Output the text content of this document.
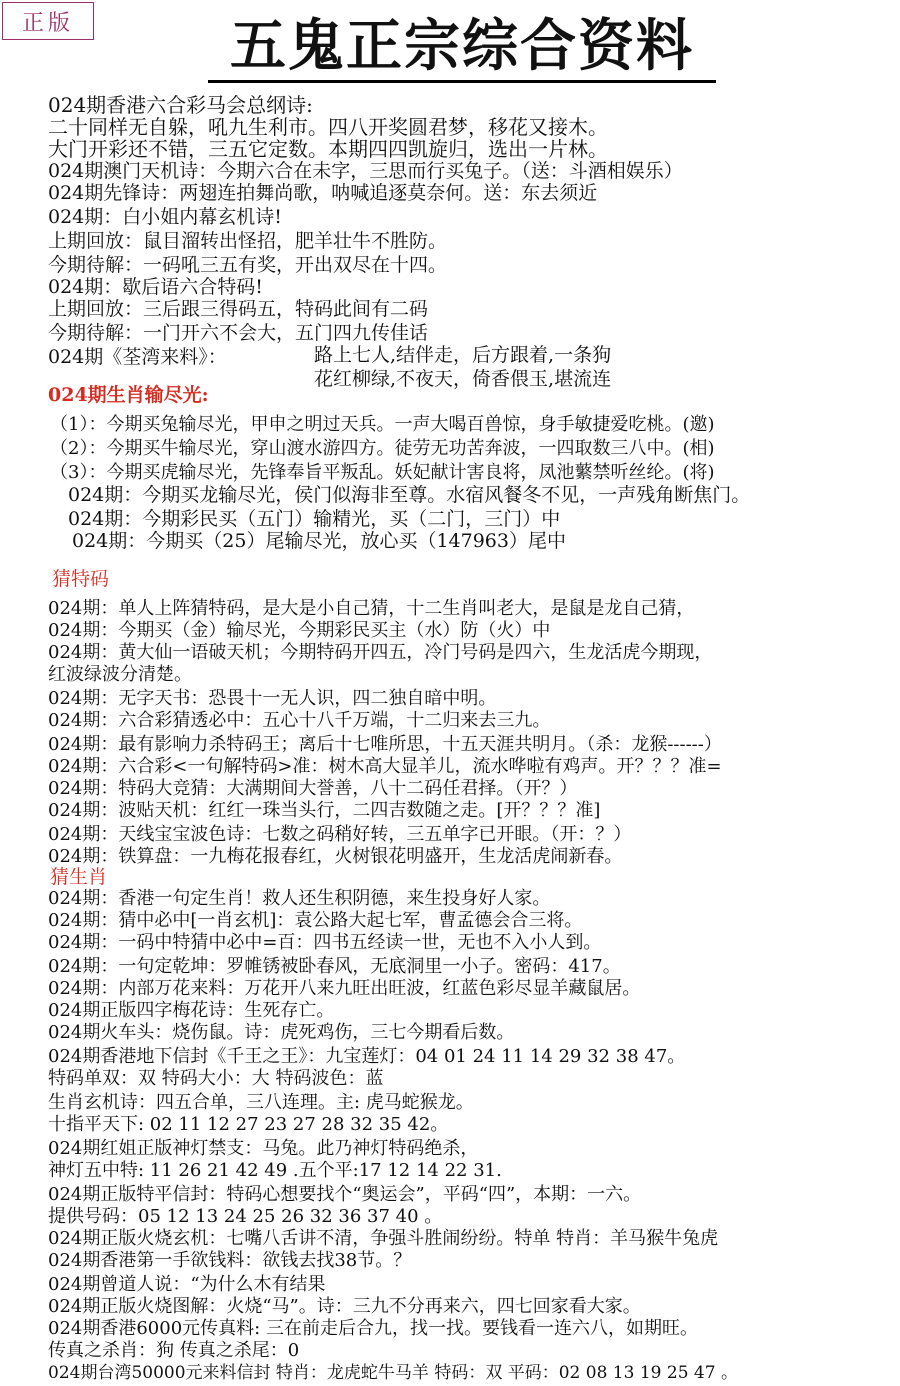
正版	五鬼正宗综合资料
024期香港六合彩马会总纲诗:
二十同样无自躲，吼九生利市。四八开奖圆君梦，移花又接木。
大门开彩还不错，三五它定数。本期四四凯旋归，选出一片林。
024期澳门天机诗：今期六合在未字，三思而行买兔子。（送：斗酒相娱乐）
024期先锋诗：两翅连拍舞尚歌，呐喊追逐莫奈何。送：东去须近
024期：白小姐内幕玄机诗!
上期回放：鼠目溜转出怪招，肥羊壮牛不胜防。
今期待解：一码吼三五有奖，开出双尽在十四。
024期：歇后语六合特码!
上期回放：三后跟三得码五，特码此间有二码
今期待解：一门开六不会大，五门四九传佳话
024期《荃湾来料》：	路上七人,结伴走，后方跟着,一条狗
花红柳绿,不夜天，倚香偎玉,堪流连
024期生肖输尽光:
（1）：今期买兔输尽光，甲申之明过天兵。一声大喝百兽惊，身手敏捷爱吃桃。(邀)
（2）：今期买牛输尽光，穿山渡水游四方。徒劳无功苦奔波，一四取数三八中。(相)
（3）：今期买虎输尽光，先锋奉旨平叛乱。妖妃献计害良将，凤池蘩禁听丝纶。(将)
024期：今期买龙输尽光，侯门似海非至尊。水宿风餐冬不见，一声残角断焦门。
024期：今期彩民买（五门）输精光，买（二门，三门）中
024期：今期买（25）尾输尽光，放心买（147963）尾中
猜特码
024期：单人上阵猜特码，是大是小自己猜，十二生肖叫老大，是鼠是龙自己猜，
024期：今期买（金）输尽光，今期彩民买主（水）防（火）中
024期：黄大仙一语破天机；今期特码开四五，冷门号码是四六，生龙活虎今期现，
红波绿波分清楚。
024期：无字天书：恐畏十一无人识，四二独自暗中明。
024期：六合彩猜透必中：五心十八千万端，十二归来去三九。
024期：最有影响力杀特码王；离后十七唯所思，十五天涯共明月。（杀：龙猴------）
024期：六合彩<一句解特码>准：树木高大显羊儿，流水哗啦有鸡声。开？？？准=
024期：特码大竞猜：大满期间大誉善，八十二码任君择。（开？）
024期：波贴天机：红红一珠当头行，二四吉数随之走。[开？？？准]
024期：天线宝宝波色诗：七数之码稍好转，三五单字已开眼。（开：？）
024期：铁算盘：一九梅花报春红，火树银花明盛开，生龙活虎闹新春。
猜生肖
024期：香港一句定生肖！救人还生积阴德，来生投身好人家。
024期：猜中必中[一肖玄机]：袁公路大起七军，曹孟德会合三将。
024期：一码中特猜中必中=百：四书五经读一世，无也不入小人到。
024期：一句定乾坤：罗帷锈被卧春风，无底洞里一小子。密码：417。
024期：内部万花来料：万花开八来九旺出旺波，红蓝色彩尽显羊藏鼠居。
024期正版四字梅花诗：生死存亡。
024期火车头：烧伤鼠。诗：虎死鸡伤，三七今期看后数。
024期香港地下信封《千王之王》：九宝莲灯：04 01 24 11 14 29 32 38 47。
特码单双：双 特码大小：大 特码波色：蓝
生肖玄机诗：四五合单，三八连理。主: 虎马蛇猴龙。
十指平天下: 02 11 12 27 23 27 28 32 35 42。
024期红姐正版神灯禁支：马兔。此乃神灯特码绝杀，
神灯五中特: 11 26 21 42 49 .五个平:17 12 14 22 31.
024期正版特平信封：特码心想要找个“奥运会”，平码“四”，本期：一六。
提供号码：05 12 13 24 25 26 32 36 37 40 。
024期正版火烧玄机：七嘴八舌讲不清，争强斗胜闹纷纷。特单 特肖：羊马猴牛兔虎
024期香港第一手欲钱料：欲钱去找38节。？
024期曾道人说：“为什么木有结果
024期正版火烧图解：火烧“马”。诗：三九不分再来六，四七回家看大家。
024期香港6000元传真料: 三在前走后合九，找一找。要钱看一连六八，如期旺。
传真之杀肖：狗 传真之杀尾：0
024期台湾50000元来料信封 特肖：龙虎蛇牛马羊 特码：双 平码：02 08 13 19 25 47 。
